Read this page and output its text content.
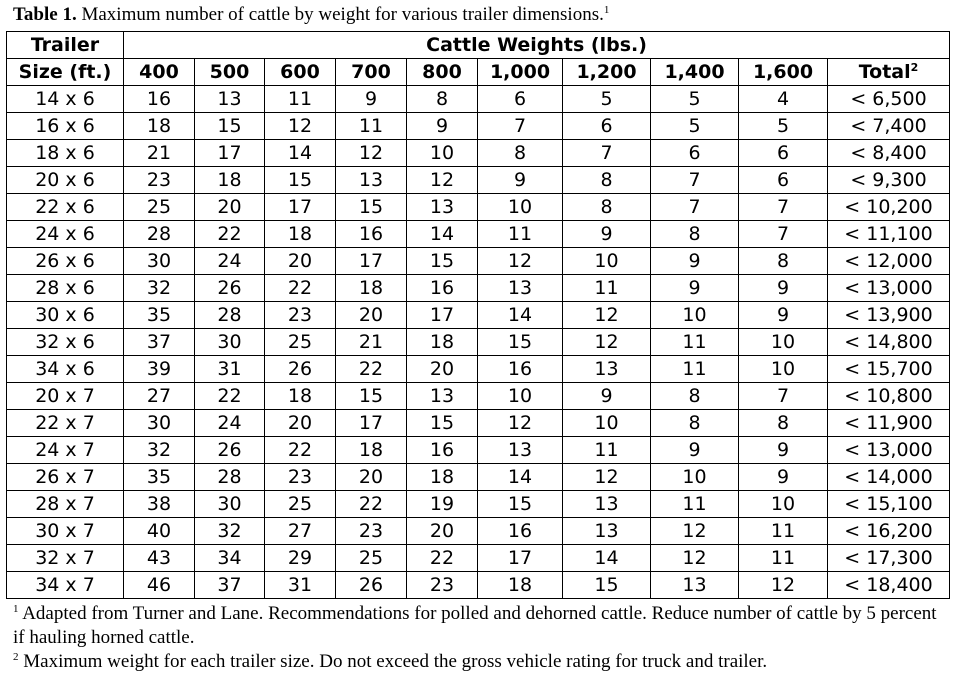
Table 1. Maximum number of cattle by weight for various trailer dimensions.$^1$
Trailer	Cattle Weights (lbs.)									
Size (ft.)	400	500	600	700	800	1,000	1,200	1,400	1,600	Total$^2$
14 x 6	16	13	11	9	8	6	5	5	4	< 6,500
16 x 6	18	15	12	11	9	7	6	5	5	< 7,400
18 x 6	21	17	14	12	10	8	7	6	6	< 8,400
20 x 6	23	18	15	13	12	9	8	7	6	< 9,300
22 x 6	25	20	17	15	13	10	8	7	7	< 10,200
24 x 6	28	22	18	16	14	11	9	8	7	< 11,100
26 x 6	30	24	20	17	15	12	10	9	8	< 12,000
28 x 6	32	26	22	18	16	13	11	9	9	< 13,000
30 x 6	35	28	23	20	17	14	12	10	9	< 13,900
32 x 6	37	30	25	21	18	15	12	11	10	< 14,800
34 x 6	39	31	26	22	20	16	13	11	10	< 15,700
20 x 7	27	22	18	15	13	10	9	8	7	< 10,800
22 x 7	30	24	20	17	15	12	10	8	8	< 11,900
24 x 7	32	26	22	18	16	13	11	9	9	< 13,000
26 x 7	35	28	23	20	18	14	12	10	9	< 14,000
28 x 7	38	30	25	22	19	15	13	11	10	< 15,100
30 x 7	40	32	27	23	20	16	13	12	11	< 16,200
32 x 7	43	34	29	25	22	17	14	12	11	< 17,300
34 x 7	46	37	31	26	23	18	15	13	12	< 18,400

$^1$ Adapted from Turner and Lane. Recommendations for polled and dehorned cattle. Reduce number of cattle by 5 percent if hauling horned cattle.

$^2$ Maximum weight for each trailer size. Do not exceed the gross vehicle rating for truck and trailer.
